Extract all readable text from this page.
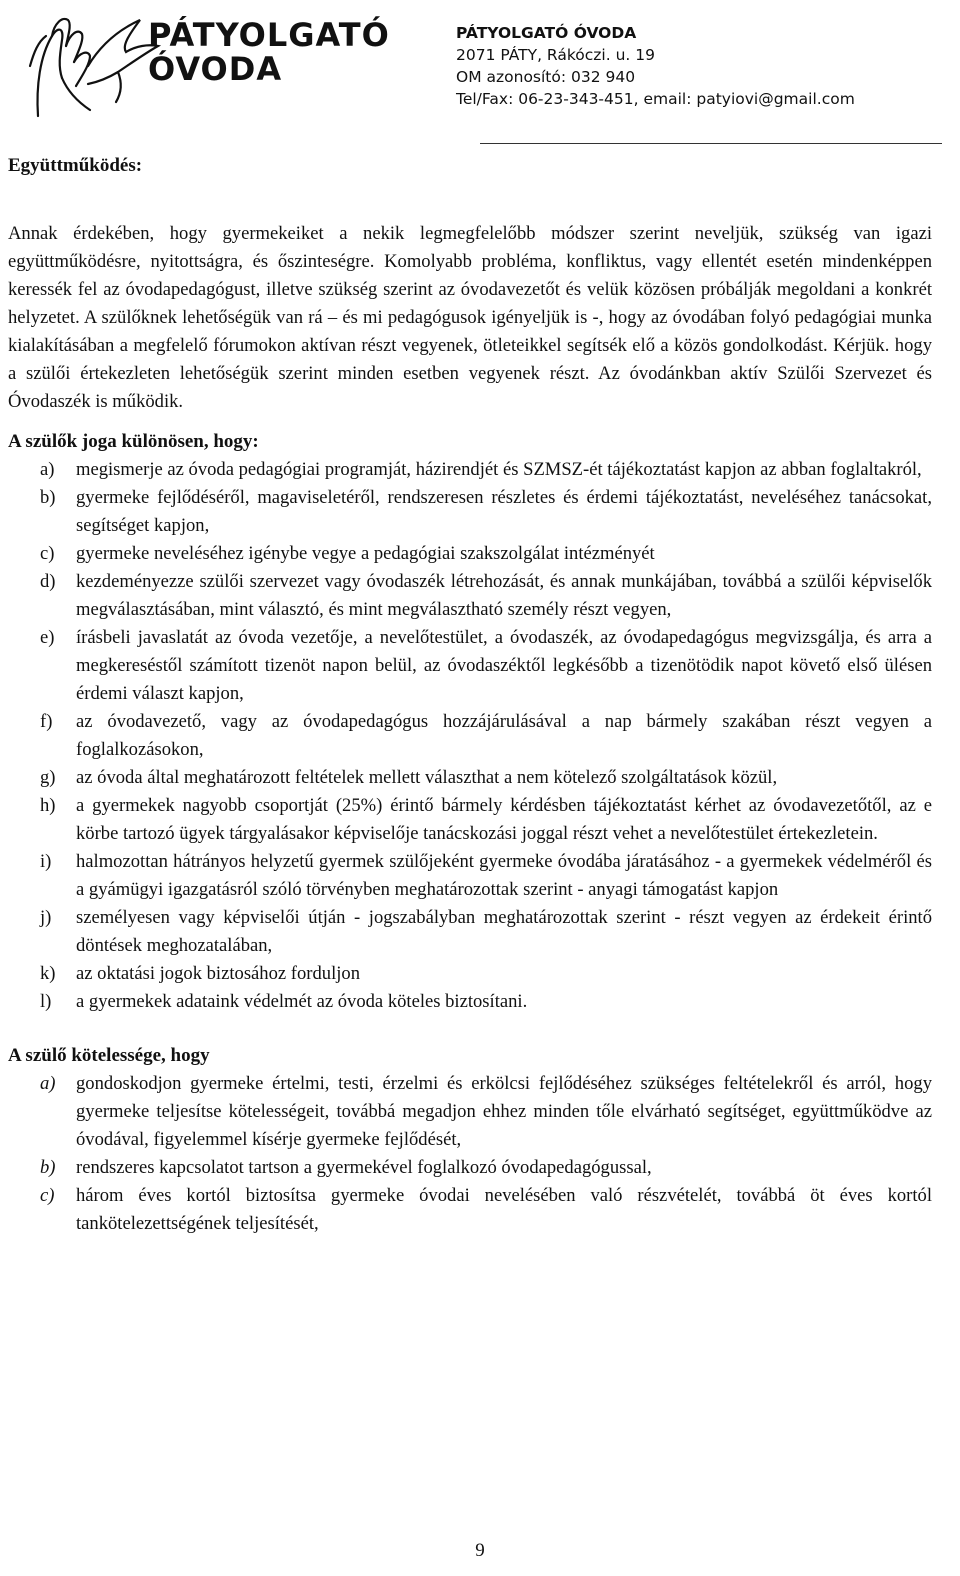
PÁTYOLGATÓ
ÓVODA
PÁTYOLGATÓ ÓVODA
2071 PÁTY, Rákóczi. u. 19
OM azonosító: 032 940
Tel/Fax: 06-23-343-451, email: patyiovi@gmail.com
Együttműködés:

Annak érdekében, hogy gyermekeiket a nekik legmegfelelőbb módszer szerint neveljük, szükség van igazi együttműködésre, nyitottságra, és őszinteségre. Komolyabb probléma, konfliktus, vagy ellentét esetén mindenképpen keressék fel az óvodapedagógust, illetve szükség szerint az óvodavezetőt és velük közösen próbálják megoldani a konkrét helyzetet. A szülőknek lehetőségük van rá – és mi pedagógusok igényeljük is -, hogy az óvodában folyó pedagógiai munka kialakításában a megfelelő fórumokon aktívan részt vegyenek, ötleteikkel segítsék elő a közös gondolkodást. Kérjük. hogy a szülői értekezleten lehetőségük szerint minden esetben vegyenek részt. Az óvodánkban aktív Szülői Szervezet és Óvodaszék is működik.

A szülők joga különösen, hogy:
a)	megismerje az óvoda pedagógiai programját, házirendjét és SZMSZ-ét tájékoztatást kapjon az abban foglaltakról,
b)	gyermeke fejlődéséről, magaviseletéről, rendszeresen részletes és érdemi tájékoztatást, neveléséhez tanácsokat, segítséget kapjon,
c)	gyermeke neveléséhez igénybe vegye a pedagógiai szakszolgálat intézményét
d)	kezdeményezze szülői szervezet vagy óvodaszék létrehozását, és annak munkájában, továbbá a szülői képviselők megválasztásában, mint választó, és mint megválasztható személy részt vegyen,
e)	írásbeli javaslatát az óvoda vezetője, a nevelőtestület, a óvodaszék, az óvodapedagógus megvizsgálja, és arra a megkereséstől számított tizenöt napon belül, az óvodaszéktől legkésőbb a tizenötödik napot követő első ülésen érdemi választ kapjon,
f)	az óvodavezető, vagy az óvodapedagógus hozzájárulásával a nap bármely szakában részt vegyen a foglalkozásokon,
g)	az óvoda által meghatározott feltételek mellett választhat a nem kötelező szolgáltatások közül,
h)	a gyermekek nagyobb csoportját (25%) érintő bármely kérdésben tájékoztatást kérhet az óvodavezetőtől, az e körbe tartozó ügyek tárgyalásakor képviselője tanácskozási joggal részt vehet a nevelőtestület értekezletein.
i)	halmozottan hátrányos helyzetű gyermek szülőjeként gyermeke óvodába járatásához - a gyermekek védelméről és a gyámügyi igazgatásról szóló törvényben meghatározottak szerint - anyagi támogatást kapjon
j)	személyesen vagy képviselői útján - jogszabályban meghatározottak szerint - részt vegyen az érdekeit érintő döntések meghozatalában,
k)	az oktatási jogok biztosához forduljon
l)	a gyermekek adataink védelmét az óvoda köteles biztosítani.
A szülő kötelessége, hogy
a)	gondoskodjon gyermeke értelmi, testi, érzelmi és erkölcsi fejlődéséhez szükséges feltételekről és arról, hogy gyermeke teljesítse kötelességeit, továbbá megadjon ehhez minden tőle elvárható segítséget, együttműködve az óvodával, figyelemmel kísérje gyermeke fejlődését,
b)	rendszeres kapcsolatot tartson a gyermekével foglalkozó óvodapedagógussal,
c)	három éves kortól biztosítsa gyermeke óvodai nevelésében való részvételét, továbbá öt éves kortól tankötelezettségének teljesítését,
9
